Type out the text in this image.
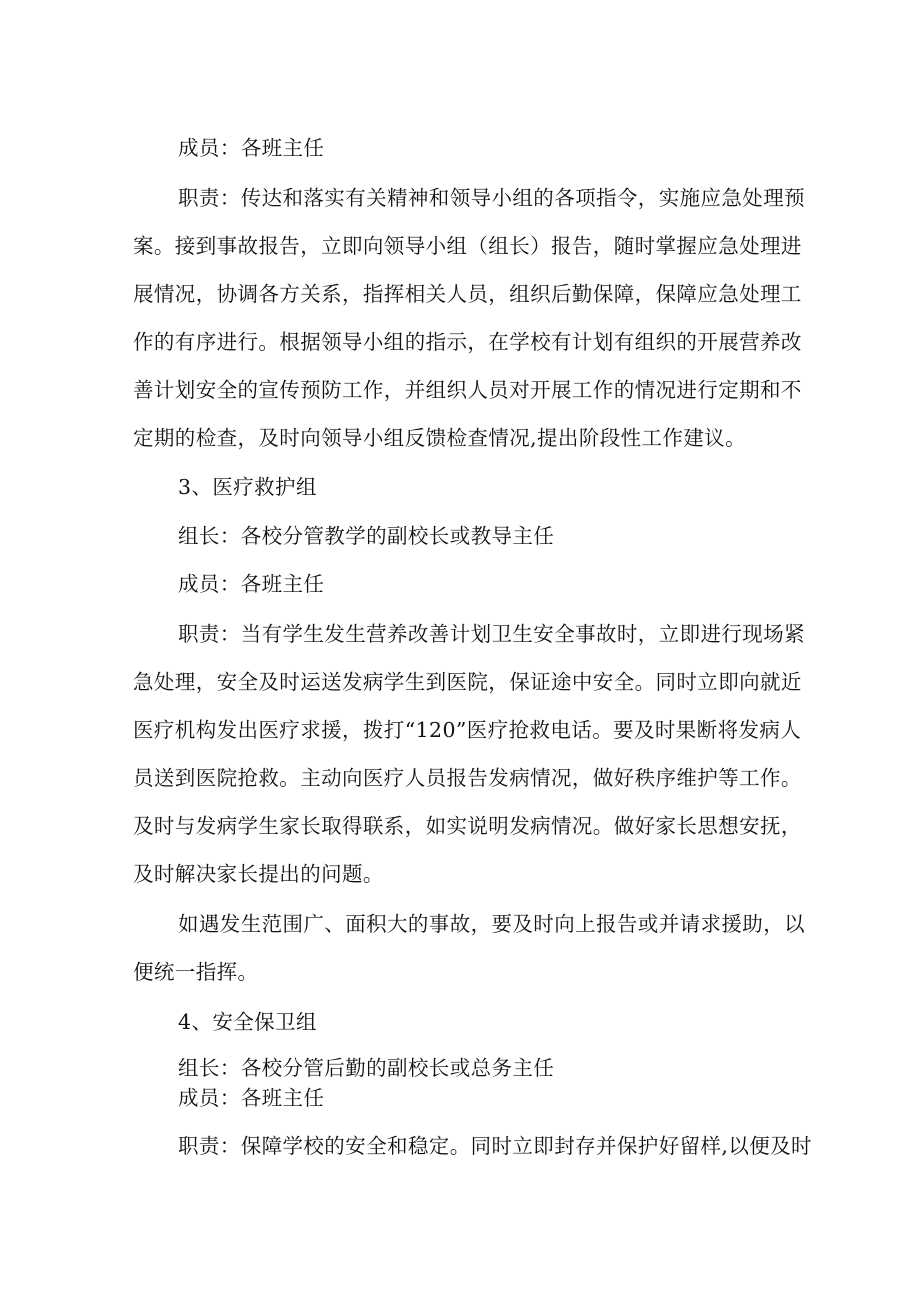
成员：各班主任
职责：传达和落实有关精神和领导小组的各项指令，实施应急处理预
案。接到事故报告，立即向领导小组（组长）报告，随时掌握应急处理进
展情况，协调各方关系，指挥相关人员，组织后勤保障，保障应急处理工
作的有序进行。根据领导小组的指示，在学校有计划有组织的开展营养改
善计划安全的宣传预防工作，并组织人员对开展工作的情况进行定期和不
定期的检查，及时向领导小组反馈检查情况,提出阶段性工作建议。
3、医疗救护组
组长：各校分管教学的副校长或教导主任
成员：各班主任
职责：当有学生发生营养改善计划卫生安全事故时，立即进行现场紧
急处理，安全及时运送发病学生到医院，保证途中安全。同时立即向就近
医疗机构发出医疗求援，拨打“120”医疗抢救电话。要及时果断将发病人
员送到医院抢救。主动向医疗人员报告发病情况，做好秩序维护等工作。
及时与发病学生家长取得联系，如实说明发病情况。做好家长思想安抚，
及时解决家长提出的问题。
如遇发生范围广、面积大的事故，要及时向上报告或并请求援助，以
便统一指挥。
4、安全保卫组
组长：各校分管后勤的副校长或总务主任
成员：各班主任
职责：保障学校的安全和稳定。同时立即封存并保护好留样,以便及时
